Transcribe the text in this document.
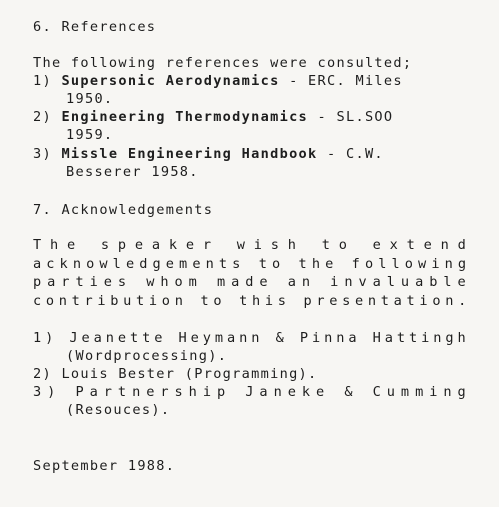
6. References
The following references were consulted;
1) Supersonic Aerodynamics - ERC. Miles
1950.
2) Engineering Thermodynamics - SL.SOO
1959.
3) Missle Engineering Handbook - C.W.
Besserer 1958.
7. Acknowledgements
The speaker wish to extend
acknowledgements to the following
parties whom made an invaluable
contribution to this presentation.
1) Jeanette Heymann & Pinna Hattingh
(Wordprocessing).
2) Louis Bester (Programming).
3) Partnership Janeke & Cumming
(Resouces).
September 1988.
